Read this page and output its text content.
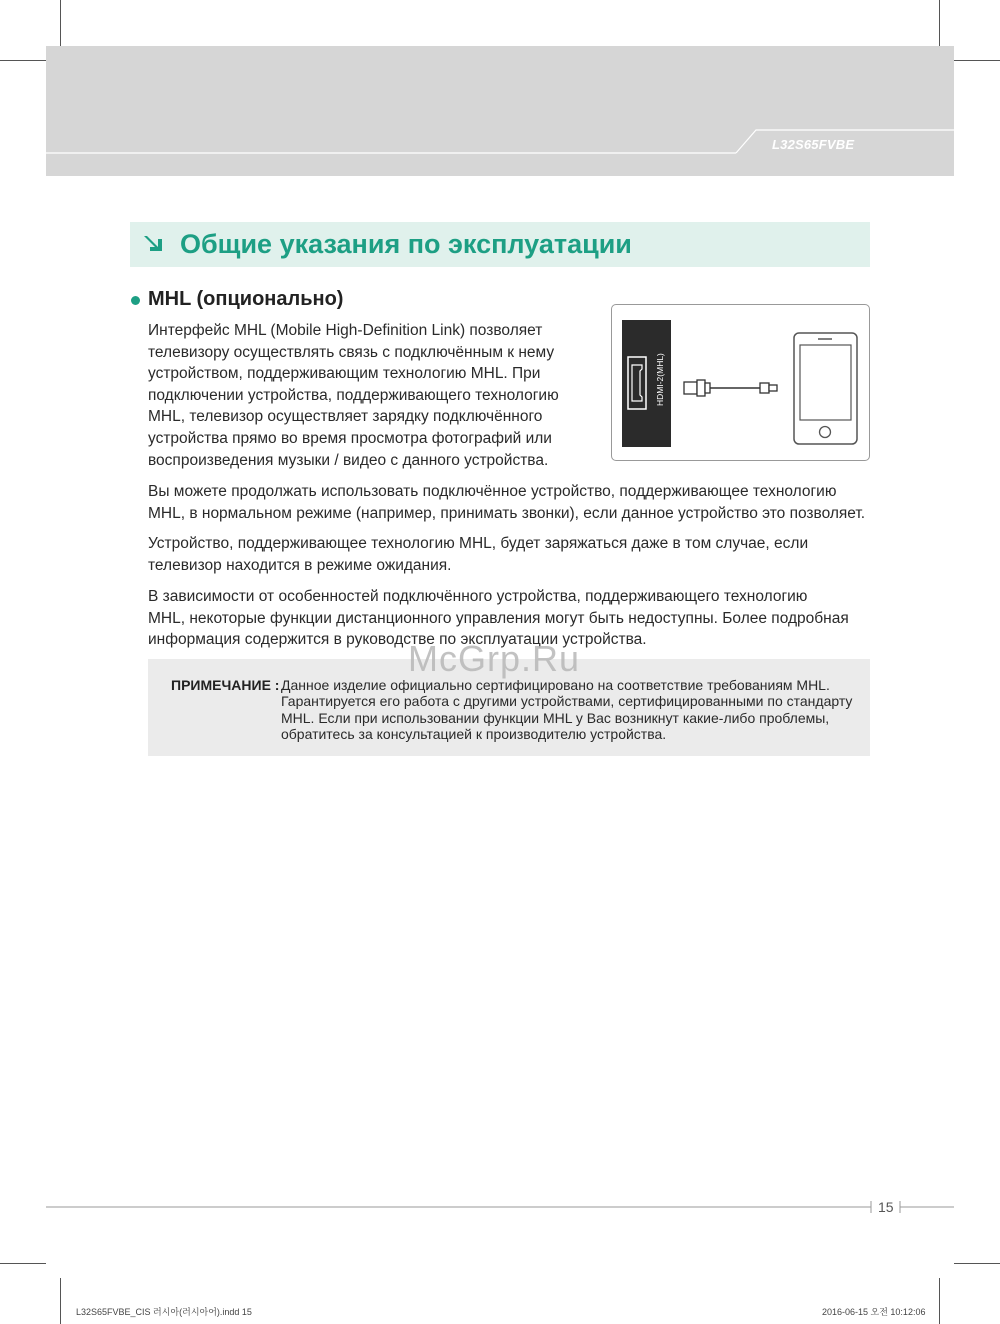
L32S65FVBE
Общие указания по эксплуатации
MHL (опционально)
Интерфейс MHL (Mobile High-Definition Link) позволяет
телевизору осуществлять связь с подключённым к нему
устройством, поддерживающим технологию MHL. При
подключении устройства, поддерживающего технологию
MHL, телевизор осуществляет зарядку подключённого
устройства прямо во время просмотра фотографий или
воспроизведения музыки / видео с данного устройства.
HDMI-2(MHL)
Вы можете продолжать использовать подключённое устройство, поддерживающее технологию
MHL, в нормальном режиме (например, принимать звонки), если данное устройство это позволяет.
Устройство, поддерживающее технологию MHL, будет заряжаться даже в том случае, если
телевизор находится в режиме ожидания.
В зависимости от особенностей подключённого устройства, поддерживающего технологию
MHL, некоторые функции дистанционного управления могут быть недоступны. Более подробная
информация содержится в руководстве по эксплуатации устройства.
ПРИМЕЧАНИЕ : Данное изделие официально сертифицировано на соответствие требованиям MHL.
Гарантируется его работа с другими устройствами, сертифицированными по стандарту
MHL. Если при использовании функции MHL у Вас возникнут какие-либо проблемы,
обратитесь за консультацией к производителю устройства.
McGrp.Ru
15
L32S65FVBE_CIS 러시아(러시아어).indd 15	2016-06-15 오전 10:12:06
